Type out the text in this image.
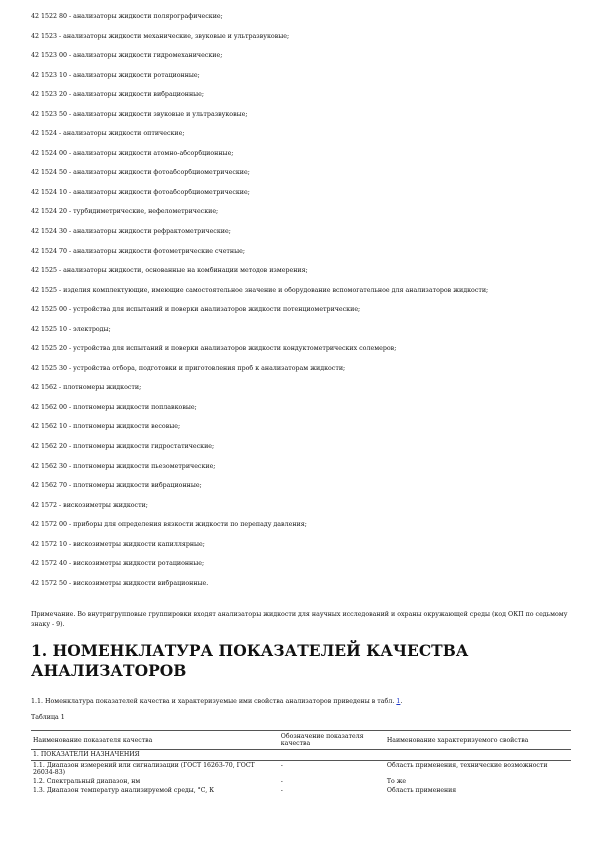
42 1522 80 - анализаторы жидкости полярографические;
42 1523 - анализаторы жидкости механические, звуковые и ультразвуковые;
42 1523 00 - анализаторы жидкости гидромеханические;
42 1523 10 - анализаторы жидкости ротационные;
42 1523 20 - анализаторы жидкости вибрационные;
42 1523 50 - анализаторы жидкости звуковые и ультразвуковые;
42 1524 - анализаторы жидкости оптические;
42 1524 00 - анализаторы жидкости атомно-абсорбционные;
42 1524 50 - анализаторы жидкости фотоабсорбциометрические;
42 1524 10 - анализаторы жидкости фотоабсорбциометрические;
42 1524 20 - турбидиметрические, нефелометрические;
42 1524 30 - анализаторы жидкости рефрактометрические;
42 1524 70 - анализаторы жидкости фотометрические счетные;
42 1525 - анализаторы жидкости, основанные на комбинации методов измерения;
42 1525 - изделия комплектующие, имеющие самостоятельное значение и оборудование вспомогательное для анализаторов жидкости;
42 1525 00 - устройства для испытаний и поверки анализаторов жидкости потенциометрические;
42 1525 10 - электроды;
42 1525 20 - устройства для испытаний и поверки анализаторов жидкости кондуктометрических солемеров;
42 1525 30 - устройства отбора, подготовки и приготовления проб к анализаторам жидкости;
42 1562 - плотномеры жидкости;
42 1562 00 - плотномеры жидкости поплавковые;
42 1562 10 - плотномеры жидкости весовые;
42 1562 20 - плотномеры жидкости гидростатические;
42 1562 30 - плотномеры жидкости пьезометрические;
42 1562 70 - плотномеры жидкости вибрационные;
42 1572 - вискозиметры жидкости;
42 1572 00 - приборы для определения вязкости жидкости по перепаду давления;
42 1572 10 - вискозиметры жидкости капиллярные;
42 1572 40 - вискозиметры жидкости ротационные;
42 1572 50 - вискозиметры жидкости вибрационные.

Примечание. Во внутригрупповые группировки входят анализаторы жидкости для научных исследований и охраны окружающей среды (код ОКП по седьмому знаку - 9).

1. НОМЕНКЛАТУРА ПОКАЗАТЕЛЕЙ КАЧЕСТВА АНАЛИЗАТОРОВ

1.1. Номенклатура показателей качества и характеризуемые ими свойства анализаторов приведены в табл. 1.

Таблица 1
Наименование показателя качества	Обозначение показателя качества	Наименование характеризуемого свойства
1. ПОКАЗАТЕЛИ НАЗНАЧЕНИЯ		
1.1. Диапазон измерений или сигнализации (ГОСТ 16263-70, ГОСТ 26034-83)	-	Область применения, технические возможности
1.2. Спектральный диапазон, нм	-	То же
1.3. Диапазон температур анализируемой среды, °C, К	-	Область применения
